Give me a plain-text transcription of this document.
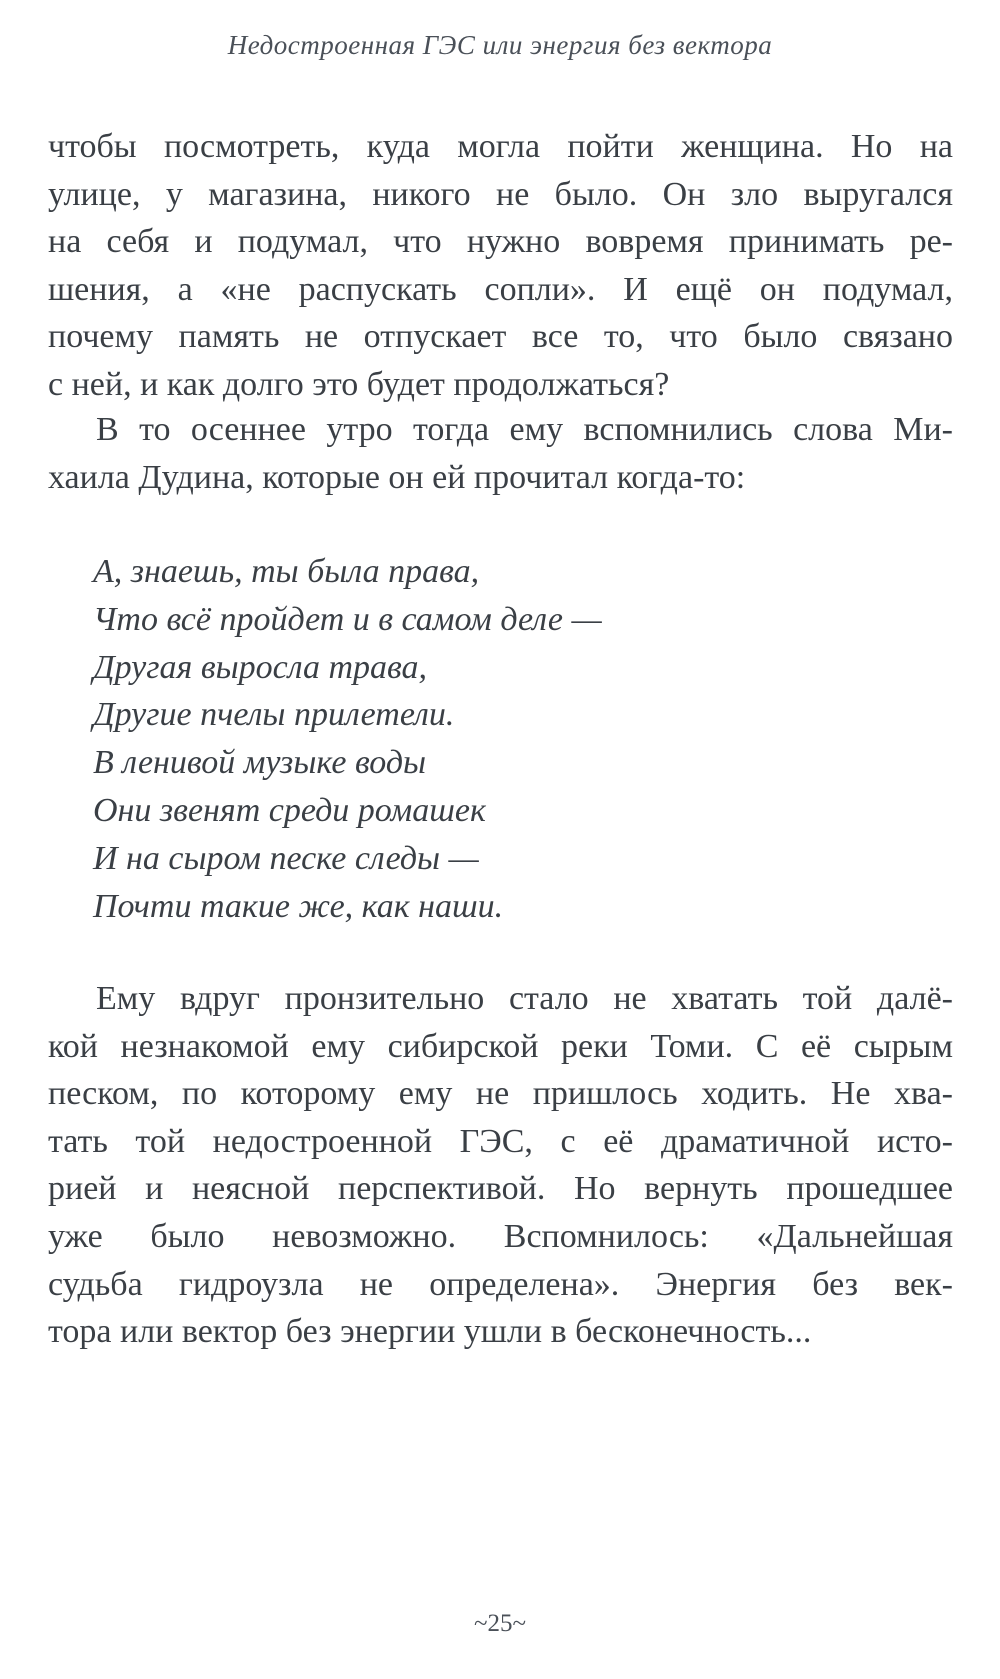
Недостроенная ГЭС или энергия без вектора
чтобы посмотреть, куда могла пойти женщина. Но на
улице, у магазина, никого не было. Он зло выругался
на себя и подумал, что нужно вовремя принимать ре-
шения, а «не распускать сопли». И ещё он подумал,
почему память не отпускает все то, что было связано
с ней, и как долго это будет продолжаться?
В то осеннее утро тогда ему вспомнились слова Ми-
хаила Дудина, которые он ей прочитал когда-то:
А, знаешь, ты была права,
Что всё пройдет и в самом деле —
Другая выросла трава,
Другие пчелы прилетели.
В ленивой музыке воды
Они звенят среди ромашек
И на сыром песке следы —
Почти такие же, как наши.
Ему вдруг пронзительно стало не хватать той далё-
кой незнакомой ему сибирской реки Томи. С её сырым
песком, по которому ему не пришлось ходить. Не хва-
тать той недостроенной ГЭС, с её драматичной исто-
рией и неясной перспективой. Но вернуть прошедшее
уже было невозможно. Вспомнилось: «Дальнейшая
судьба гидроузла не определена». Энергия без век-
тора или вектор без энергии ушли в бесконечность...
~25~
